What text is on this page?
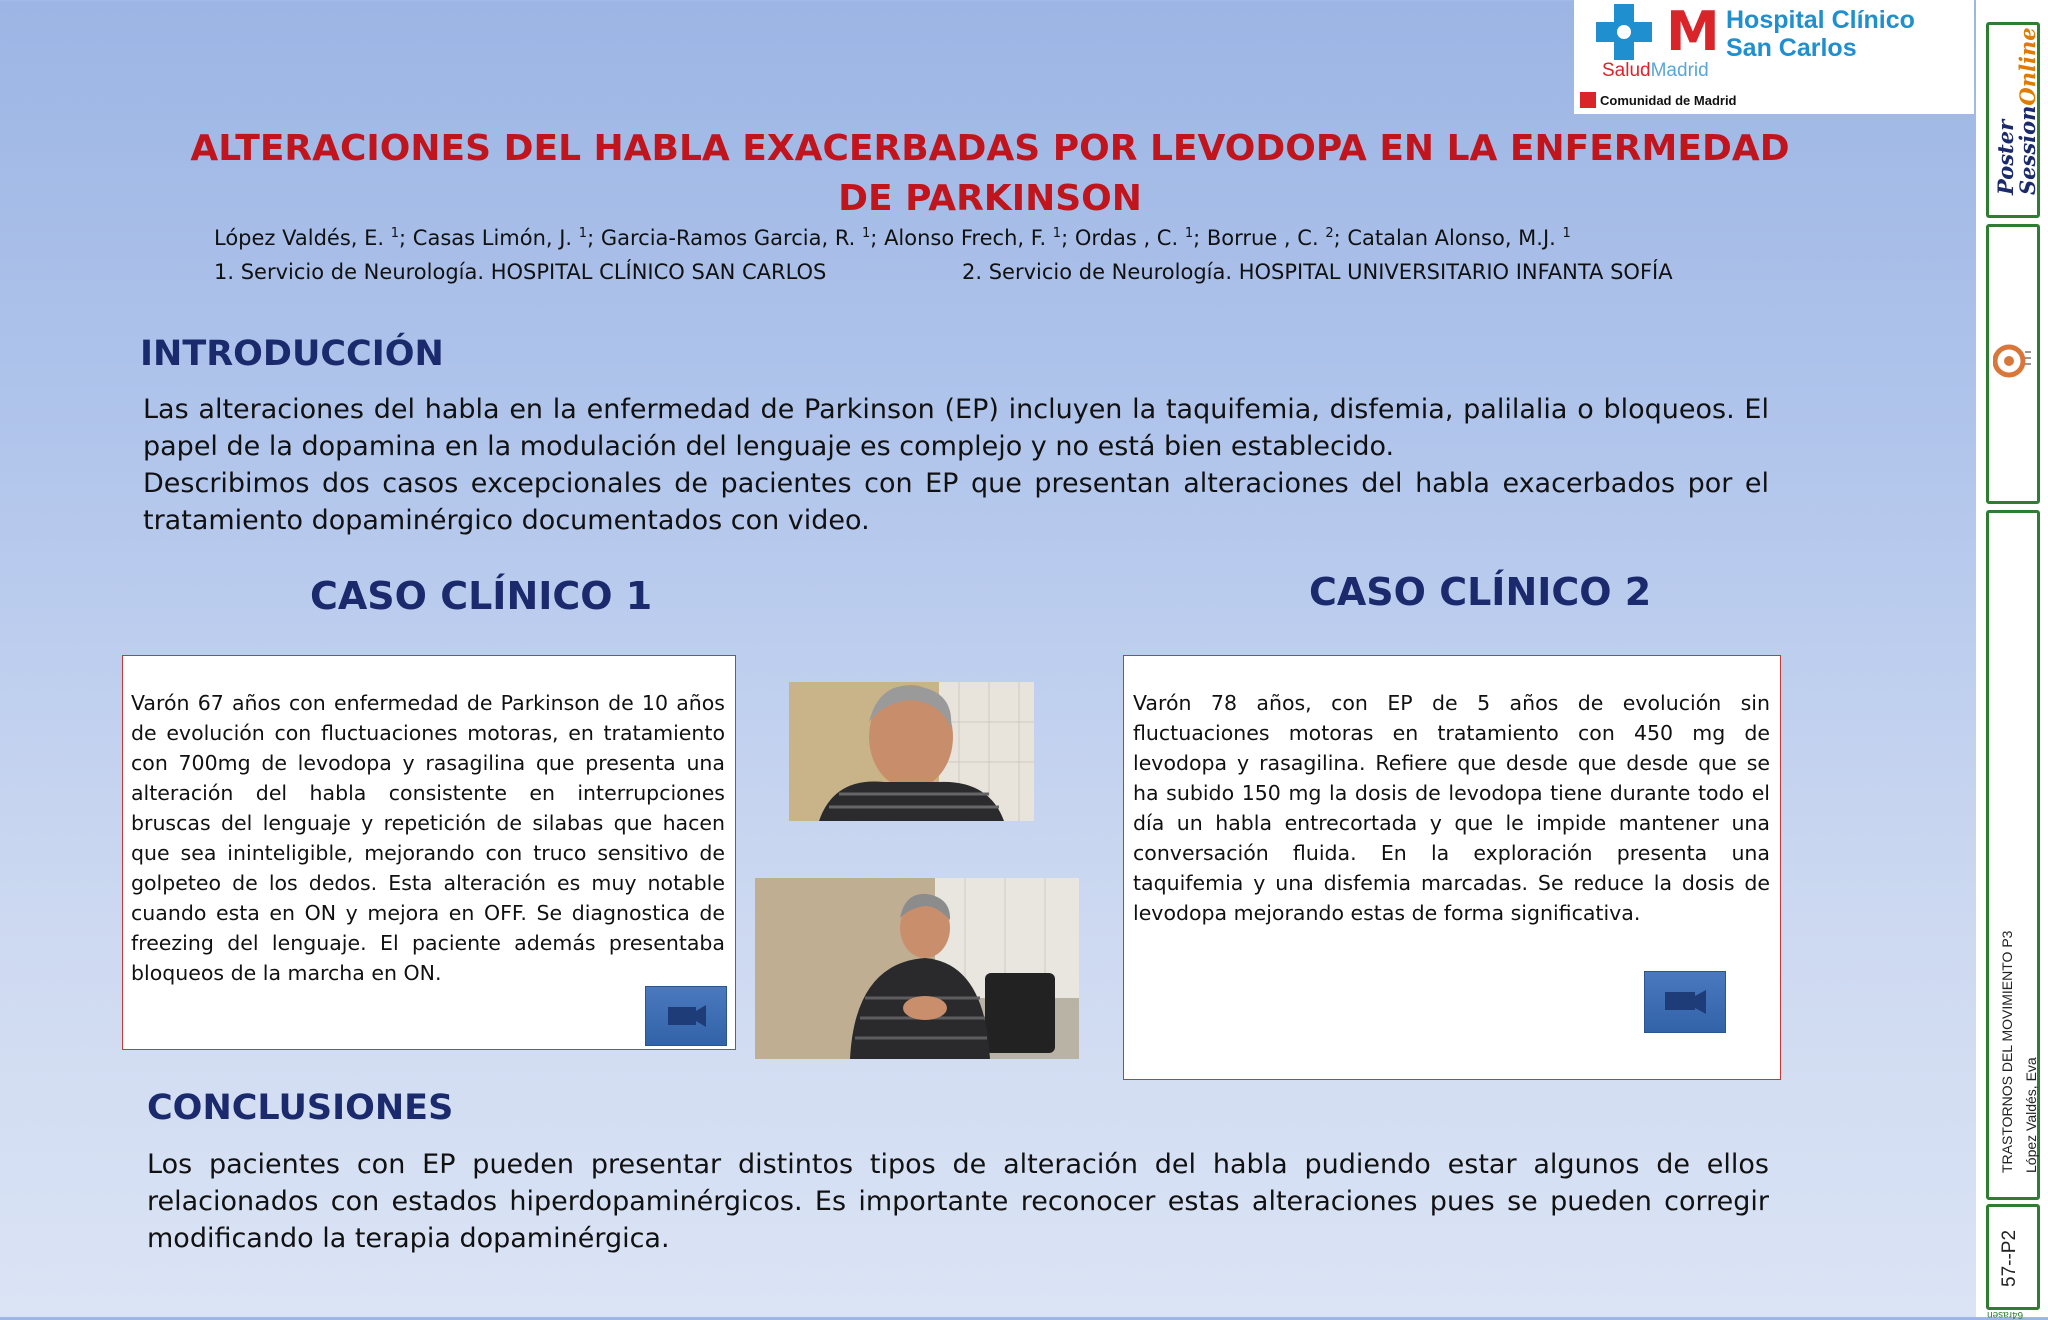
M Hospital Clínico
San Carlos
SaludMadrid
Comunidad de Madrid
Poster
SessionOnline
TRASTORNOS DEL MOVIMIENTO P3 López Valdés, Eva
57--P2
64rasen
ALTERACIONES DEL HABLA EXACERBADAS POR LEVODOPA EN LA ENFERMEDAD DE PARKINSON
López Valdés, E. $^1$; Casas Limón, J. $^1$; Garcia-Ramos Garcia, R. $^1$; Alonso Frech, F. $^1$; Ordas , C. $^1$; Borrue , C. $^2$; Catalan Alonso, M.J. $^1$
1. Servicio de Neurología. HOSPITAL CLÍNICO SAN CARLOS	2. Servicio de Neurología. HOSPITAL UNIVERSITARIO INFANTA SOFÍA
INTRODUCCIÓN
Las alteraciones del habla en la enfermedad de Parkinson (EP) incluyen la taquifemia, disfemia, palilalia o bloqueos. El papel de la dopamina en la modulación del lenguaje es complejo y no está bien establecido.
Describimos dos casos excepcionales de pacientes con EP que presentan alteraciones del habla exacerbados por el tratamiento dopaminérgico documentados con video.
CASO CLÍNICO 1
Varón 67 años con enfermedad de Parkinson de 10 años de evolución con fluctuaciones motoras, en tratamiento con 700mg de levodopa y rasagilina que presenta una alteración del habla consistente en interrupciones bruscas del lenguaje y repetición de silabas que hacen que sea ininteligible, mejorando con truco sensitivo de golpeteo de los dedos. Esta alteración es muy notable cuando esta en ON y mejora en OFF. Se diagnostica de freezing del lenguaje. El paciente además presentaba bloqueos de la marcha en ON.
CASO CLÍNICO 2
Varón 78 años, con EP de 5 años de evolución sin fluctuaciones motoras en tratamiento con 450 mg de levodopa y rasagilina. Refiere que desde que desde que se ha subido 150 mg la dosis de levodopa tiene durante todo el día un habla entrecortada y que le impide mantener una conversación fluida. En la exploración presenta una taquifemia y una disfemia marcadas. Se reduce la dosis de levodopa mejorando estas de forma significativa.
CONCLUSIONES
Los pacientes con EP pueden presentar distintos tipos de alteración del habla pudiendo estar algunos de ellos relacionados con estados hiperdopaminérgicos. Es importante reconocer estas alteraciones pues se pueden corregir modificando la terapia dopaminérgica.
